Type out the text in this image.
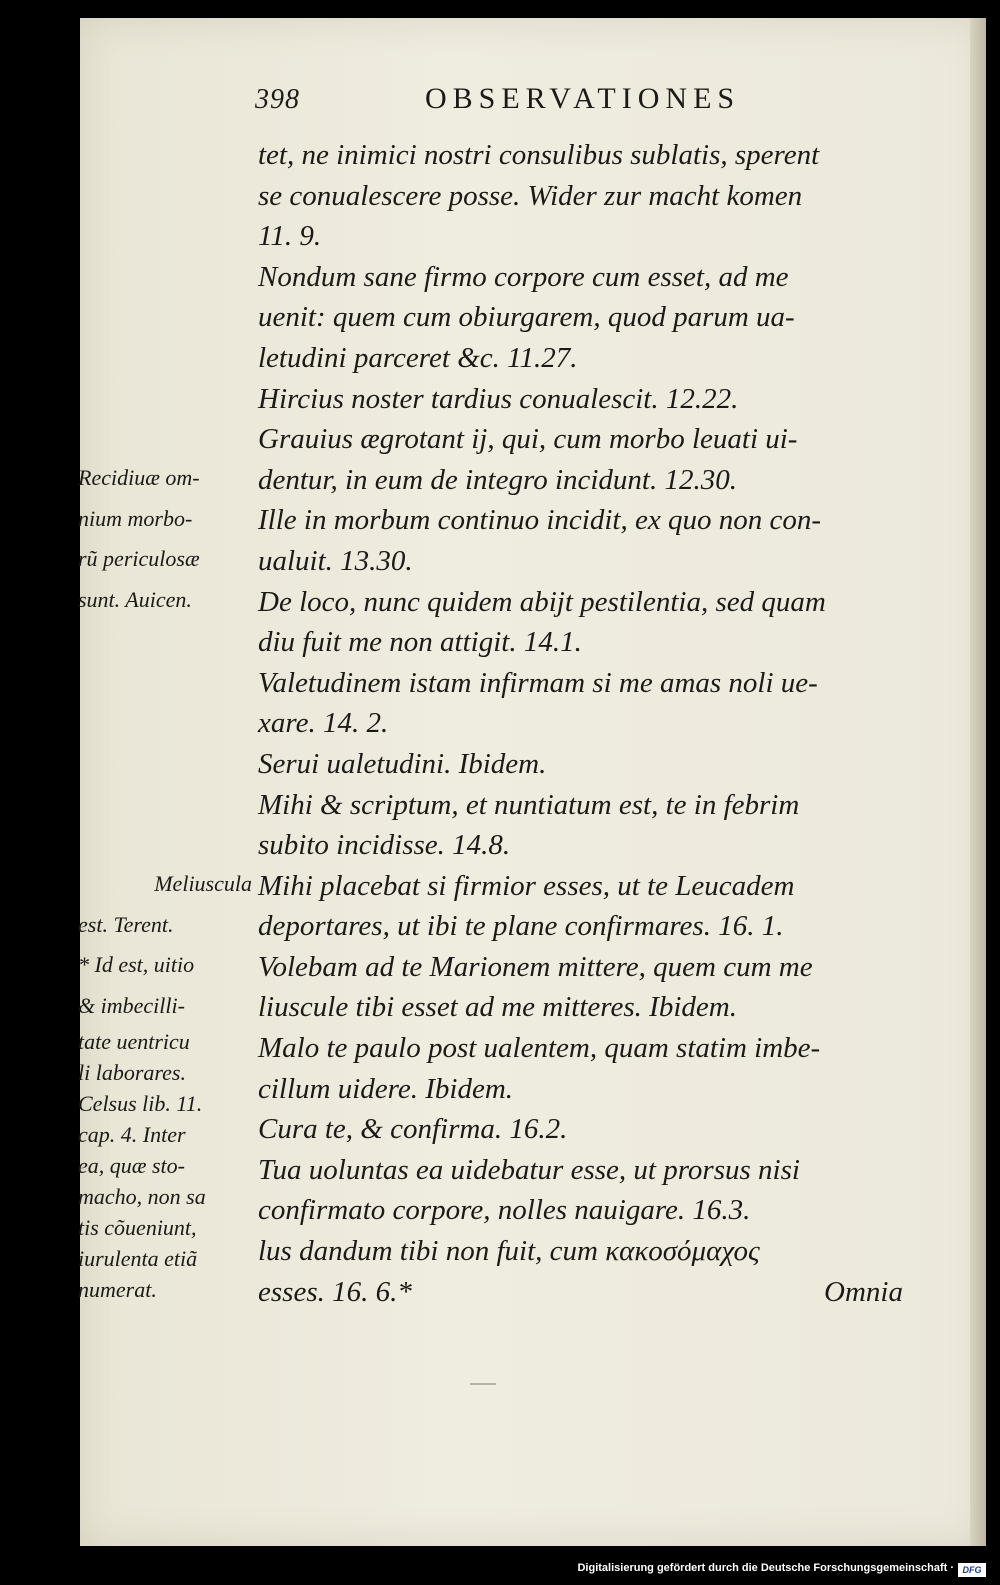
398	OBSERVATIONES
tet, ne inimici nostri consulibus sublatis, sperent
se conualescere posse. Wider zur macht komen
11. 9.
Nondum sane firmo corpore cum esset, ad me
uenit: quem cum obiurgarem, quod parum ua-
letudini parceret &c. 11.27.
Hircius noster tardius conualescit. 12.22.
Grauius ægrotant ij, qui, cum morbo leuati ui-
dentur, in eum de integro incidunt. 12.30.
Ille in morbum continuo incidit, ex quo non con-
ualuit. 13.30.
De loco, nunc quidem abijt pestilentia, sed quam
diu fuit me non attigit. 14.1.
Valetudinem istam infirmam si me amas noli ue-
xare. 14. 2.
Serui ualetudini. Ibidem.
Mihi & scriptum, et nuntiatum est, te in febrim
subito incidisse. 14.8.
Mihi placebat si firmior esses, ut te Leucadem
deportares, ut ibi te plane confirmares. 16. 1.
Volebam ad te Marionem mittere, quem cum me
liuscule tibi esset ad me mitteres. Ibidem.
Malo te paulo post ualentem, quam statim imbe-
cillum uidere. Ibidem.
Cura te, & confirma. 16.2.
Tua uoluntas ea uidebatur esse, ut prorsus nisi
confirmato corpore, nolles nauigare. 16.3.
lus dandum tibi non fuit, cum κακοσόμαχος
esses. 16. 6.*	Omnia
Recidiuæ om-
nium morbo-
rũ periculosæ
sunt. Auicen.
Meliuscula
est. Terent.
* Id est, uitio
& imbecilli-
tate uentricu
li laborares.
Celsus lib. 11.
cap. 4. Inter
ea, quæ sto-
macho, non sa
tis cõueniunt,
iurulenta etiã
numerat.
Digitalisierung gefördert durch die Deutsche Forschungsgemeinschaft · DFG
